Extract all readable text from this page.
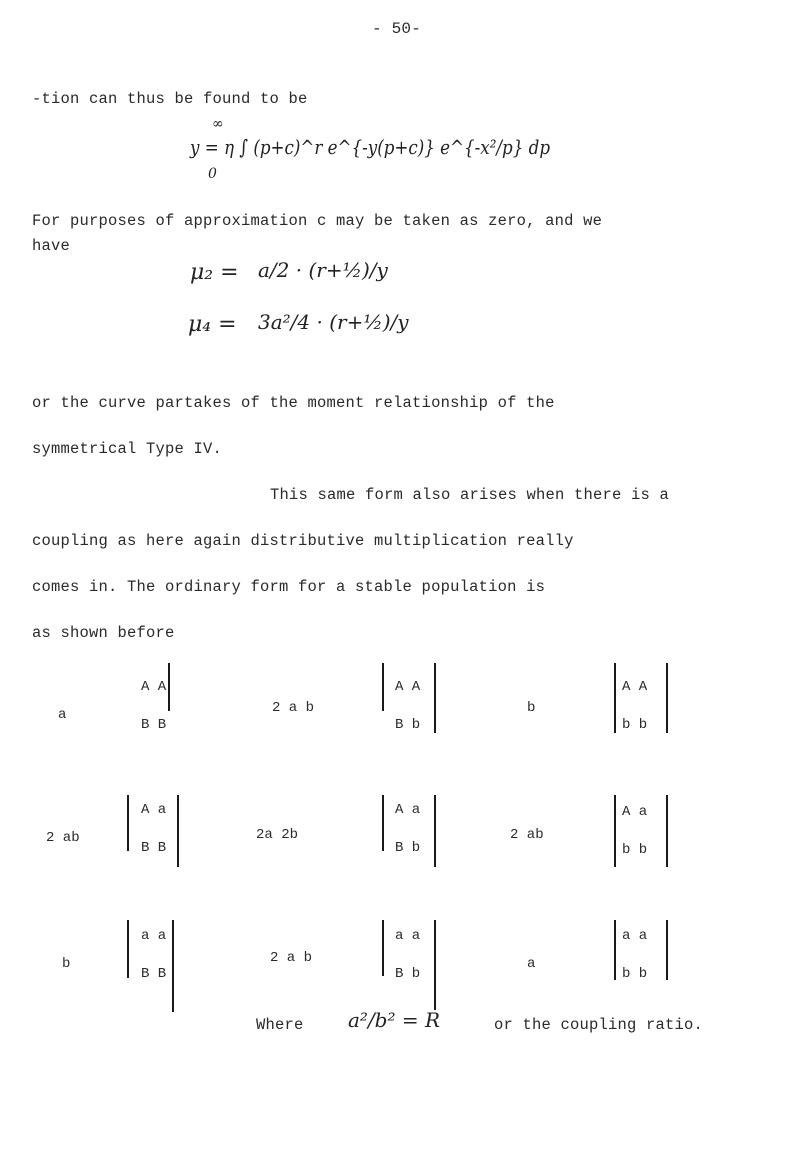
- 50-
-tion can thus be found to be
y = η ∫ (p+c)^r e^{-y(p+c)} e^{-x²/p} dp
∞
0
For purposes of approximation c may be taken as zero, and we
have
μ₂ = a/2 · (r+½)/y
μ₄ = 3a²/4 · (r+½)/y
or the curve partakes of the moment relationship of the
symmetrical Type IV.
This same form also arises when there is a
coupling as here again distributive multiplication really
comes in. The ordinary form for a stable population is
as shown before
a
A A
B B
2 a b
A A
B b
b
A A
b b
2 ab
A a
B B
2a 2b
A a
B b
2 ab
A a
b b
b
a a
B B
2 a b
a a
B b
a
a a
b b
Where a²/b² = R	or the coupling ratio.
